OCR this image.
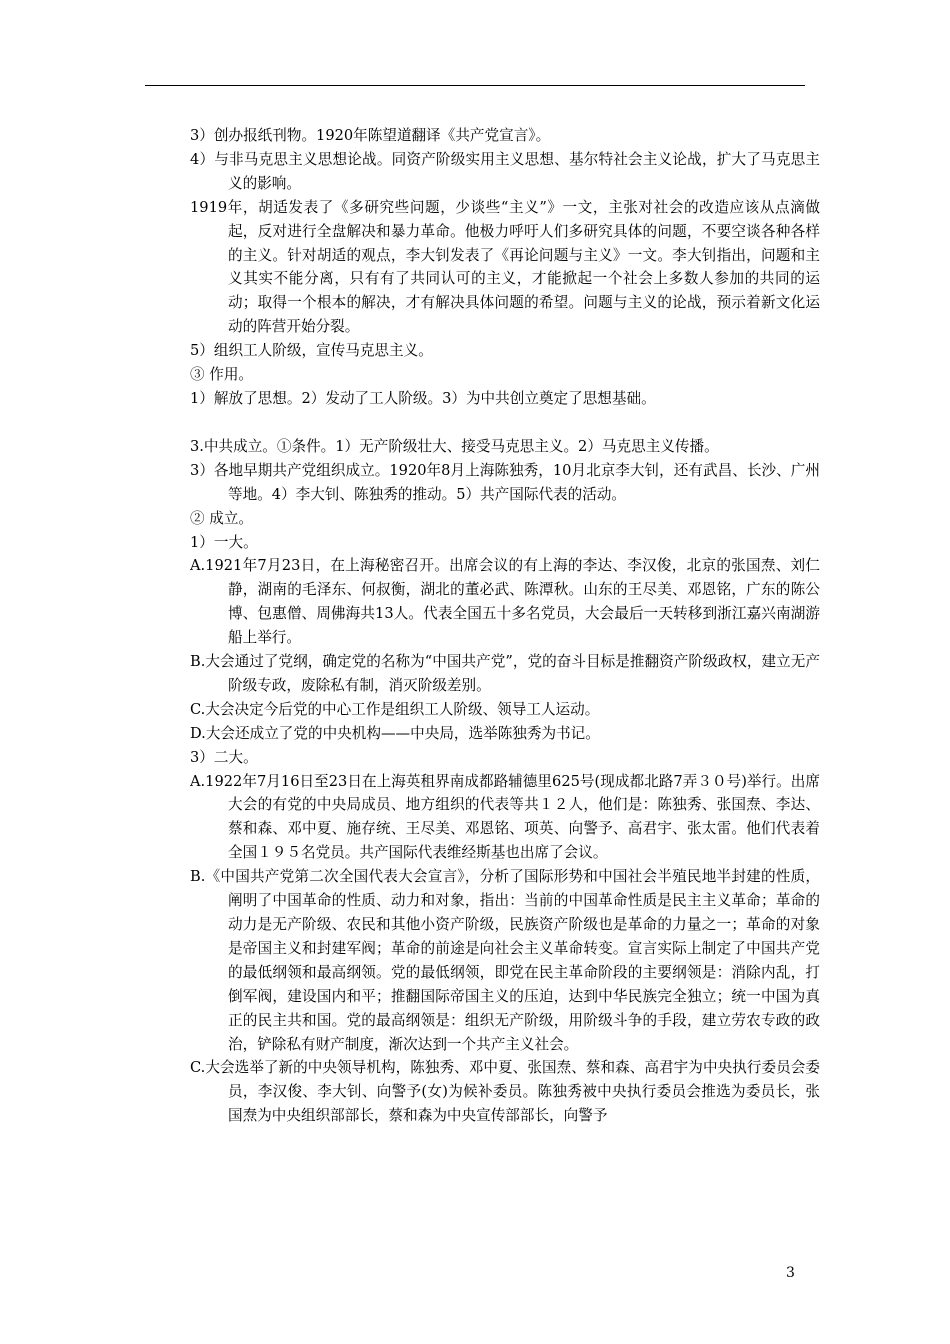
3）创办报纸刊物。1920年陈望道翻译《共产党宣言》。

4）与非马克思主义思想论战。同资产阶级实用主义思想、基尔特社会主义论战，扩大了马克思主义的影响。

1919年，胡适发表了《多研究些问题，少谈些“主义”》一文，主张对社会的改造应该从点滴做起，反对进行全盘解决和暴力革命。他极力呼吁人们多研究具体的问题，不要空谈各种各样的主义。针对胡适的观点，李大钊发表了《再论问题与主义》一文。李大钊指出，问题和主义其实不能分离，只有有了共同认可的主义，才能掀起一个社会上多数人参加的共同的运动；取得一个根本的解决，才有解决具体问题的希望。问题与主义的论战，预示着新文化运动的阵营开始分裂。

5）组织工人阶级，宣传马克思主义。

③ 作用。

1）解放了思想。2）发动了工人阶级。3）为中共创立奠定了思想基础。

3.中共成立。①条件。1）无产阶级壮大、接受马克思主义。2）马克思主义传播。

3）各地早期共产党组织成立。1920年8月上海陈独秀，10月北京李大钊，还有武昌、长沙、广州等地。4）李大钊、陈独秀的推动。5）共产国际代表的活动。

② 成立。

1）一大。

A.1921年7月23日，在上海秘密召开。出席会议的有上海的李达、李汉俊，北京的张国焘、刘仁静，湖南的毛泽东、何叔衡，湖北的董必武、陈潭秋。山东的王尽美、邓恩铭，广东的陈公博、包惠僧、周佛海共13人。代表全国五十多名党员，大会最后一天转移到浙江嘉兴南湖游船上举行。

B.大会通过了党纲，确定党的名称为“中国共产党”，党的奋斗目标是推翻资产阶级政权，建立无产阶级专政，废除私有制，消灭阶级差别。

C.大会决定今后党的中心工作是组织工人阶级、领导工人运动。

D.大会还成立了党的中央机构——中央局，选举陈独秀为书记。

3）二大。

A.1922年7月16日至23日在上海英租界南成都路辅德里625号(现成都北路7弄３０号)举行。出席大会的有党的中央局成员、地方组织的代表等共１２人，他们是：陈独秀、张国焘、李达、蔡和森、邓中夏、施存统、王尽美、邓恩铭、项英、向警予、高君宇、张太雷。他们代表着全国１９５名党员。共产国际代表维经斯基也出席了会议。

B.《中国共产党第二次全国代表大会宣言》，分析了国际形势和中国社会半殖民地半封建的性质，阐明了中国革命的性质、动力和对象，指出：当前的中国革命性质是民主主义革命；革命的动力是无产阶级、农民和其他小资产阶级，民族资产阶级也是革命的力量之一；革命的对象是帝国主义和封建军阀；革命的前途是向社会主义革命转变。宣言实际上制定了中国共产党的最低纲领和最高纲领。党的最低纲领，即党在民主革命阶段的主要纲领是：消除内乱，打倒军阀，建设国内和平；推翻国际帝国主义的压迫，达到中华民族完全独立；统一中国为真正的民主共和国。党的最高纲领是：组织无产阶级，用阶级斗争的手段，建立劳农专政的政治，铲除私有财产制度，渐次达到一个共产主义社会。

C.大会选举了新的中央领导机构，陈独秀、邓中夏、张国焘、蔡和森、高君宇为中央执行委员会委员，李汉俊、李大钊、向警予(女)为候补委员。陈独秀被中央执行委员会推选为委员长，张国焘为中央组织部部长，蔡和森为中央宣传部部长，向警予

3
